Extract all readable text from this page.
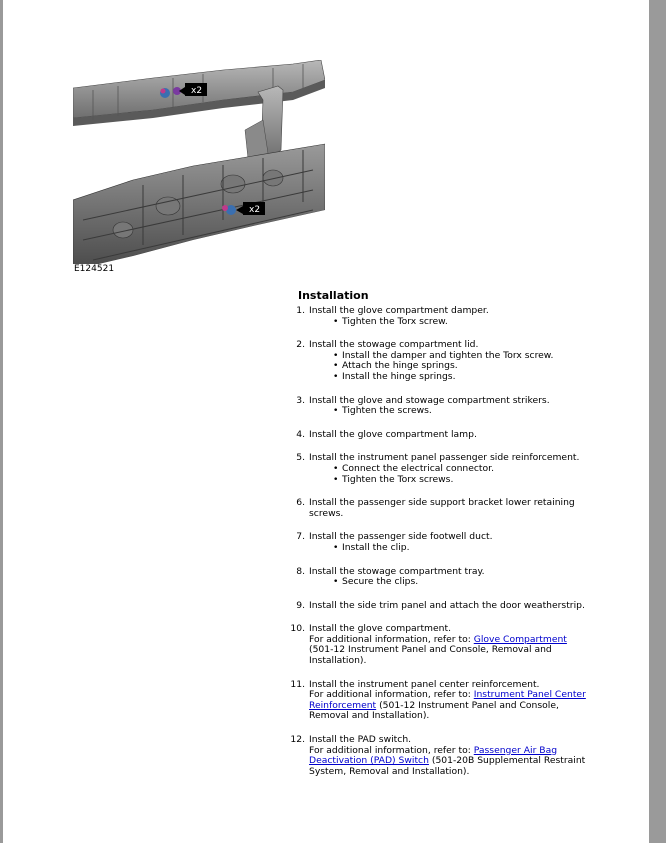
x2
x2
E124521
Installation
1. Install the glove compartment damper.
• Tighten the Torx screw.
2. Install the stowage compartment lid.
• Install the damper and tighten the Torx screw.
• Attach the hinge springs.
• Install the hinge springs.
3. Install the glove and stowage compartment strikers.
• Tighten the screws.
4. Install the glove compartment lamp.
5. Install the instrument panel passenger side reinforcement.
• Connect the electrical connector.
• Tighten the Torx screws.
6. Install the passenger side support bracket lower retaining screws.
7. Install the passenger side footwell duct.
• Install the clip.
8. Install the stowage compartment tray.
• Secure the clips.
9. Install the side trim panel and attach the door weatherstrip.
10. Install the glove compartment.
For additional information, refer to: Glove Compartment (501-12 Instrument Panel and Console, Removal and Installation).
11. Install the instrument panel center reinforcement.
For additional information, refer to: Instrument Panel Center Reinforcement (501-12 Instrument Panel and Console, Removal and Installation).
12. Install the PAD switch.
For additional information, refer to: Passenger Air Bag Deactivation (PAD) Switch (501-20B Supplemental Restraint System, Removal and Installation).
